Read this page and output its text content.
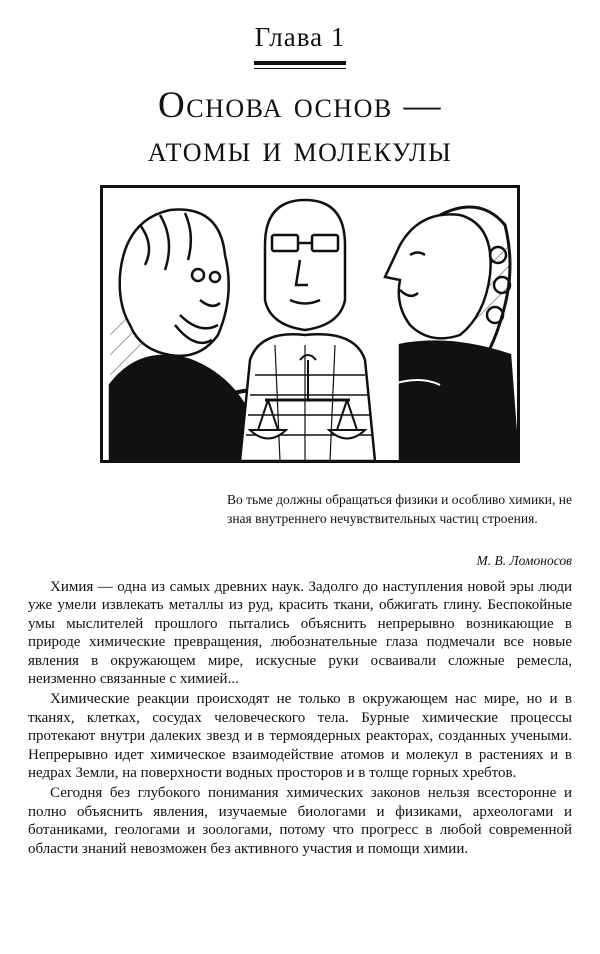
Глава 1
Основа основ —
атомы и молекулы
Во тьме должны обращаться физики и особливо химики, не зная внутреннего нечувствительных частиц строения.
М. В. Ломоносов

Химия — одна из самых древних наук. Задолго до наступления новой эры люди уже умели извлекать металлы из руд, красить ткани, обжигать глину. Беспокойные умы мыслителей прошлого пытались объяснить непрерывно возникающие в природе химические превращения, любознательные глаза подмечали все новые явления в окружающем мире, искусные руки осваивали сложные ремесла, неизменно связанные с химией...

Химические реакции происходят не только в окружающем нас мире, но и в тканях, клетках, сосудах человеческого тела. Бурные химические процессы протекают внутри далеких звезд и в термоядерных реакторах, созданных учеными. Непрерывно идет химическое взаимодействие атомов и молекул в растениях и в недрах Земли, на поверхности водных просторов и в толще горных хребтов.

Сегодня без глубокого понимания химических законов нельзя всесторонне и полно объяснить явления, изучаемые биологами и физиками, археологами и ботаниками, геологами и зоологами, потому что прогресс в любой современной области знаний невозможен без активного участия и помощи химии.
